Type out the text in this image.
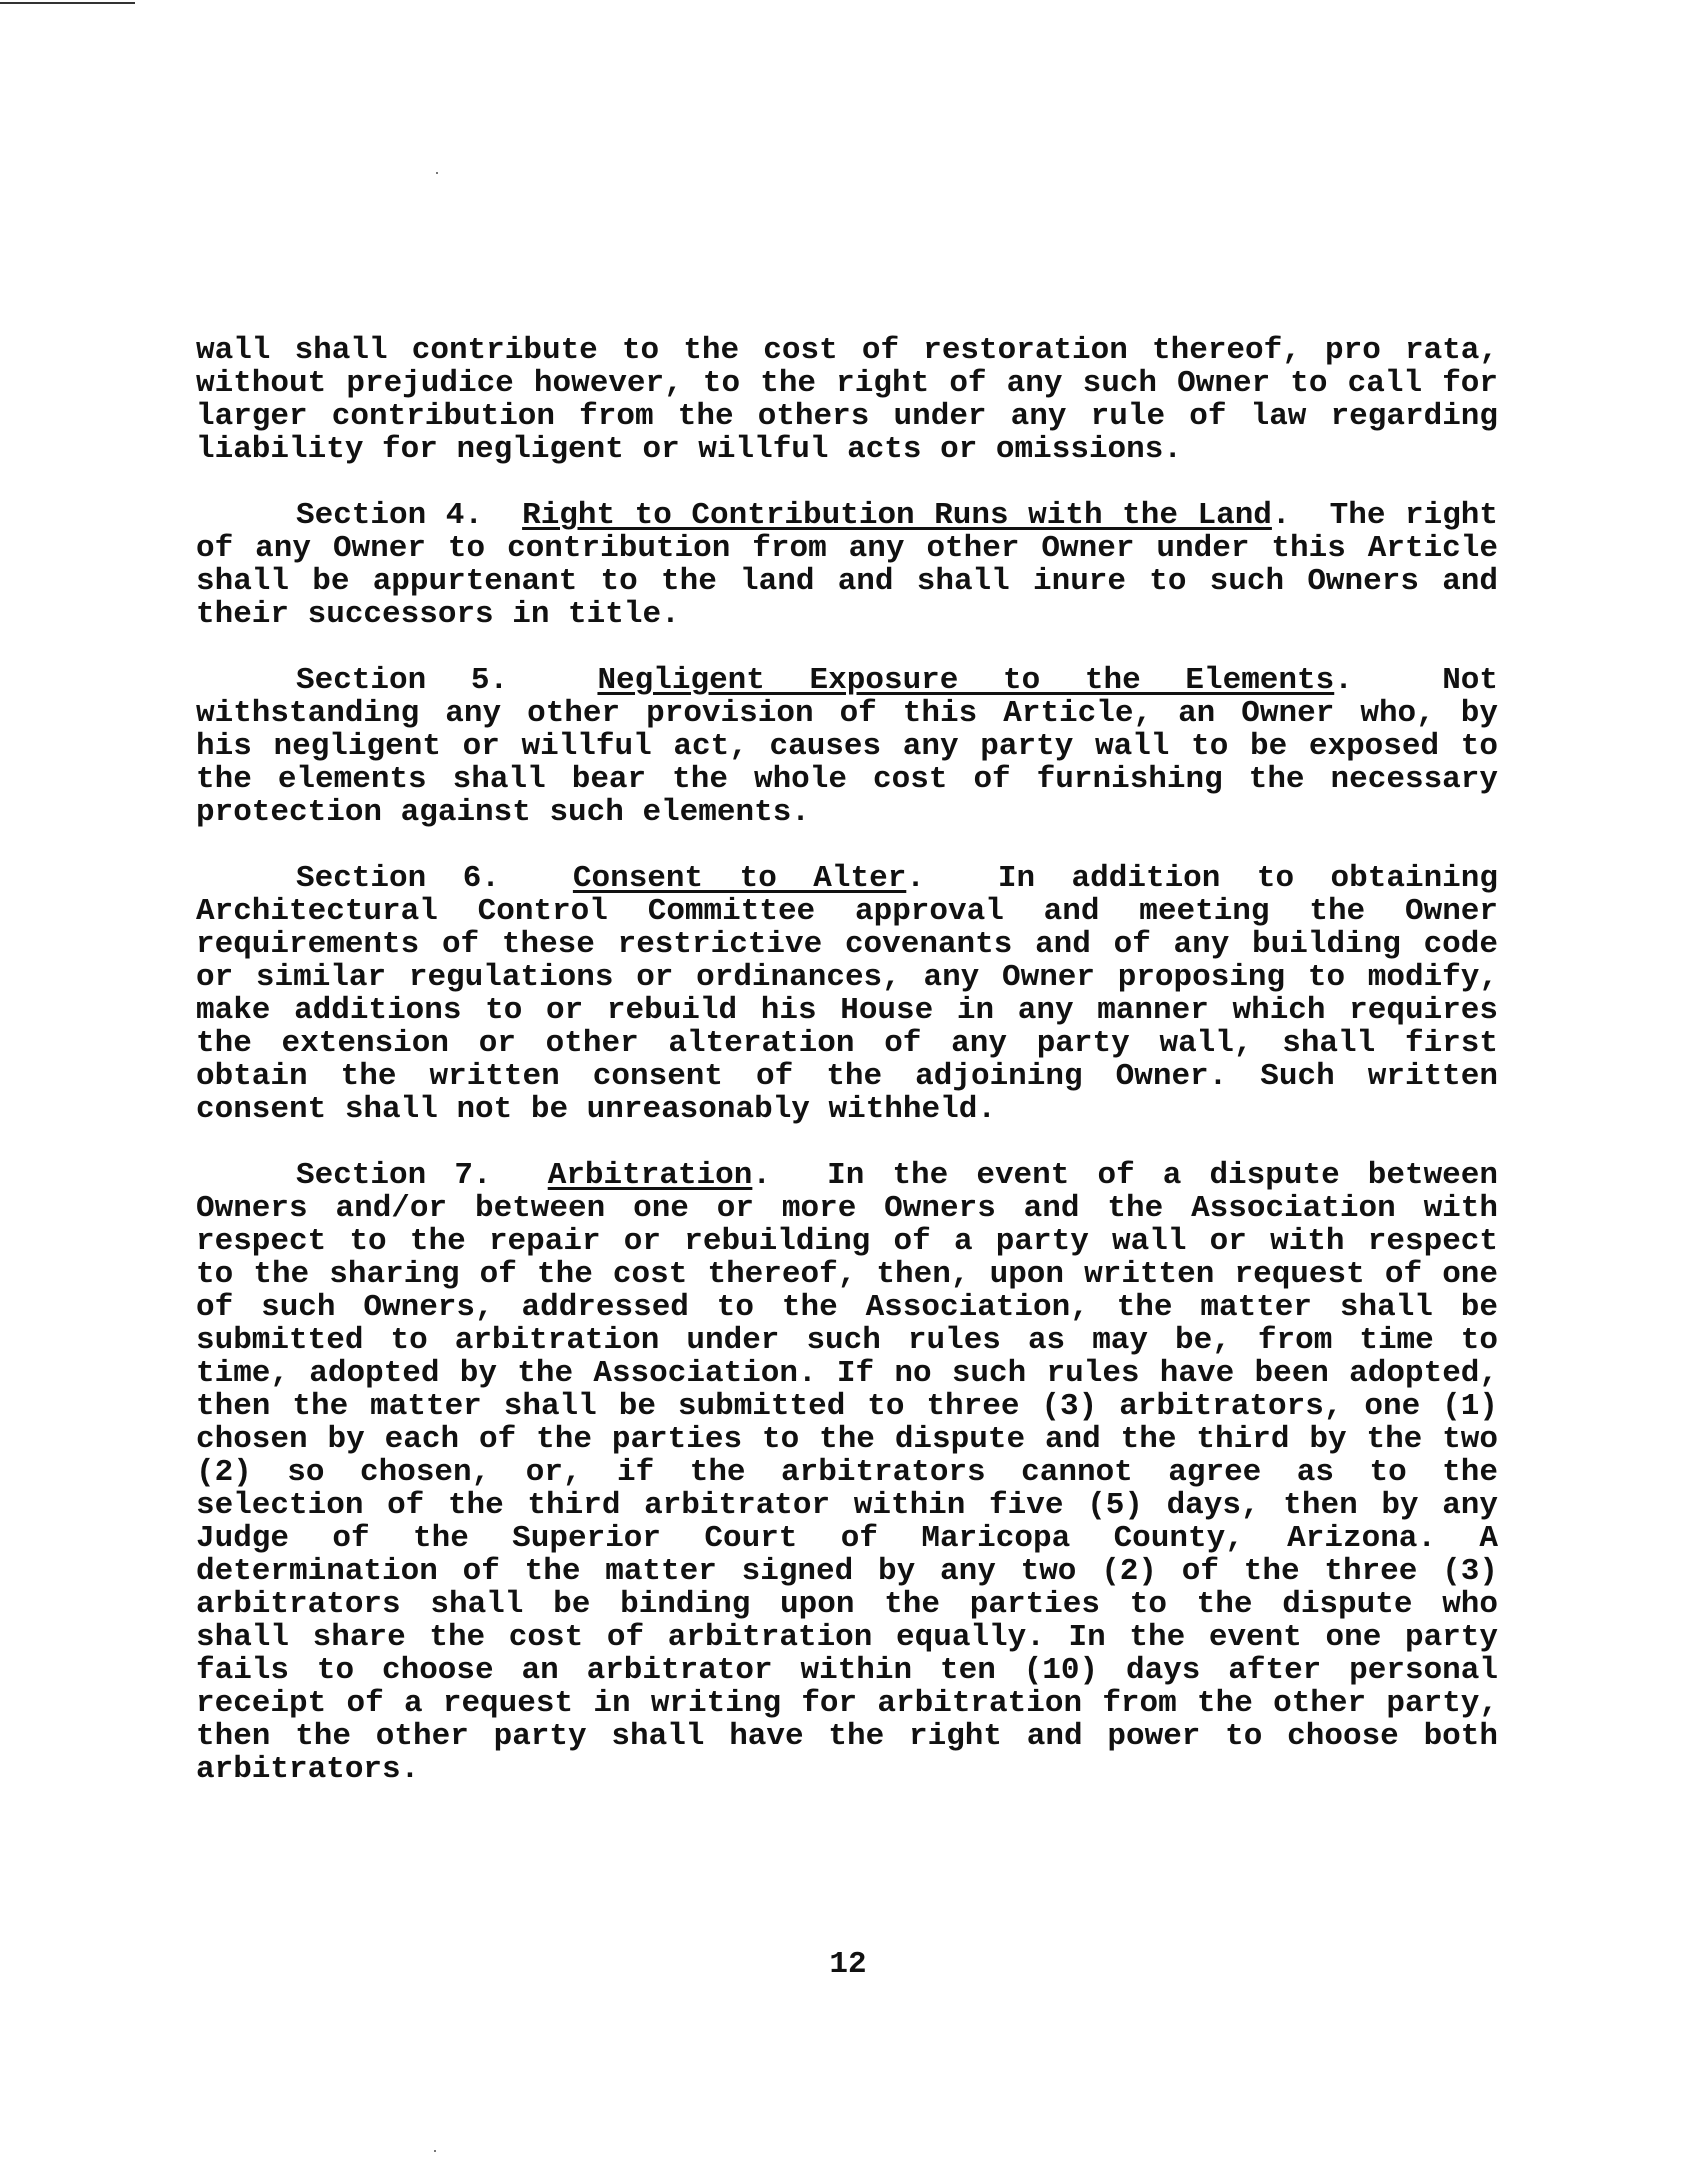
wall shall contribute to the cost of restoration thereof, pro rata, without prejudice however, to the right of any such Owner to call for larger contribution from the others under any rule of law regarding liability for negligent or willful acts or omissions.

Section 4. Right to Contribution Runs with the Land. The right of any Owner to contribution from any other Owner under this Article shall be appurtenant to the land and shall inure to such Owners and their successors in title.

Section 5.	Negligent Exposure to the Elements.	Not withstanding any other provision of this Article, an Owner who, by his negligent or willful act, causes any party wall to be exposed to the elements shall bear the whole cost of furnishing the necessary protection against such elements.

Section 6. Consent to Alter. In addition to obtaining Architectural Control Committee approval and meeting the Owner requirements of these restrictive covenants and of any building code or similar regulations or ordinances, any Owner proposing to modify, make additions to or rebuild his House in any manner which requires the extension or other alteration of any party wall, shall first obtain the written consent of the adjoining Owner. Such written consent shall not be unreasonably withheld.

Section 7. Arbitration. In the event of a dispute between Owners and/or between one or more Owners and the Association with respect to the repair or rebuilding of a party wall or with respect to the sharing of the cost thereof, then, upon written request of one of such Owners, addressed to the Association, the matter shall be submitted to arbitration under such rules as may be, from time to time, adopted by the Association. If no such rules have been adopted, then the matter shall be submitted to three (3) arbitrators, one (1) chosen by each of the parties to the dispute and the third by the two (2) so chosen, or, if the arbitrators cannot agree as to the selection of the third arbitrator within five (5) days, then by any Judge of the Superior Court of Maricopa County, Arizona. A determination of the matter signed by any two (2) of the three (3) arbitrators shall be binding upon the parties to the dispute who shall share the cost of arbitration equally. In the event one party fails to choose an arbitrator within ten (10) days after personal receipt of a request in writing for arbitration from the other party, then the other party shall have the right and power to choose both arbitrators.

12
